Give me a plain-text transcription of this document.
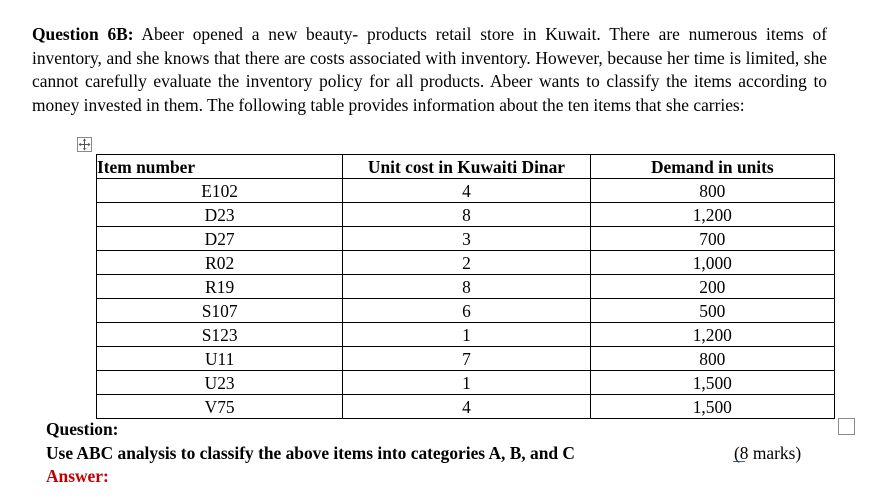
Question 6B: Abeer opened a new beauty- products retail store in Kuwait. There are numerous items of inventory, and she knows that there are costs associated with inventory. However, because her time is limited, she cannot carefully evaluate the inventory policy for all products. Abeer wants to classify the items according to money invested in them. The following table provides information about the ten items that she carries:
Item number	Unit cost in Kuwaiti Dinar	Demand in units
E102	4	800
D23	8	1,200
D27	3	700
R02	2	1,000
R19	8	200
S107	6	500
S123	1	1,200
U11	7	800
U23	1	1,500
V75	4	1,500
Question:
Use ABC analysis to classify the above items into categories A, B, and C	(8 marks)
Answer:
